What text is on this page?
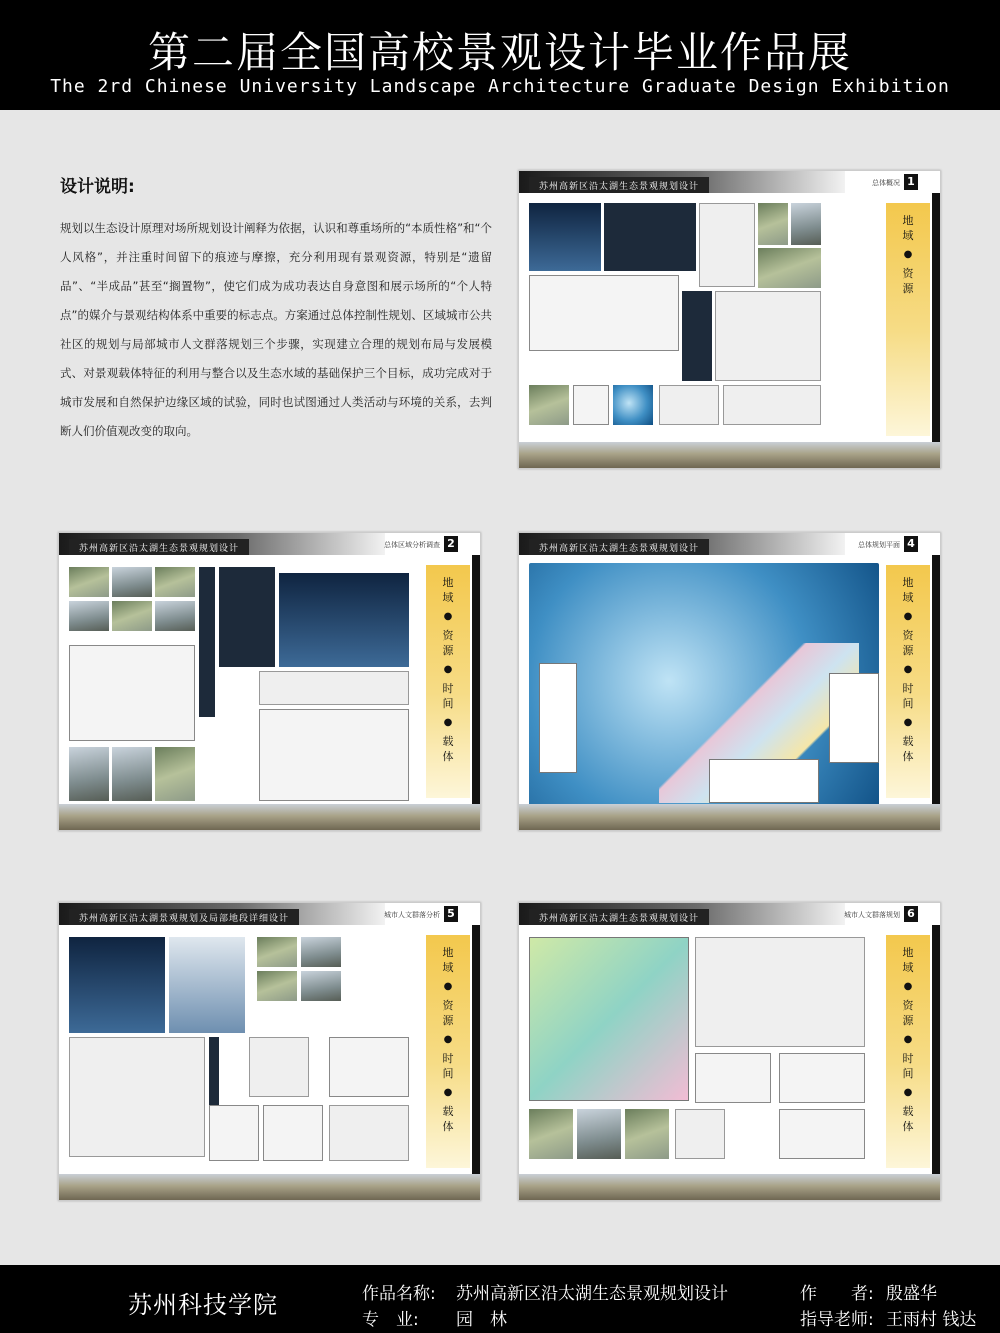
第二届全国高校景观设计毕业作品展
The 2rd Chinese University Landscape Architecture Graduate Design Exhibition
设计说明:
规划以生态设计原理对场所规划设计阐释为依据，认识和尊重场所的“本质性格”和“个人风格”，并注重时间留下的痕迹与摩擦，充分利用现有景观资源，特别是“遗留品”、“半成品”甚至“搁置物”，使它们成为成功表达自身意图和展示场所的“个人特点”的媒介与景观结构体系中重要的标志点。方案通过总体控制性规划、区域城市公共社区的规划与局部城市人文群落规划三个步骤，实现建立合理的规划布局与发展模式、对景观载体特征的利用与整合以及生态水域的基础保护三个目标，成功完成对于城市发展和自然保护边缘区域的试验，同时也试图通过人类活动与环境的关系，去判断人们价值观改变的取向。
苏州高新区沿太湖生态景观规划设计	总体概况 1
地
域
●
资
源
苏州高新区沿太湖生态景观规划设计	总体区域分析调查 2
地
域
●
资
源
●
时
间
●
载
体
苏州高新区沿太湖生态景观规划设计	总体规划平面 4
地
域
●
资
源
●
时
间
●
载
体
苏州高新区沿太湖景观规划及局部地段详细设计	城市人文群落分析 5
地
域
●
资
源
●
时
间
●
载
体
苏州高新区沿太湖生态景观规划设计	城市人文群落规划 6
地
域
●
资
源
●
时
间
●
载
体
苏州科技学院	作品名称: 苏州高新区沿太湖生态景观规划设计
专　业: 园　林
作　　者: 殷盛华
指导老师: 王雨村 钱达
